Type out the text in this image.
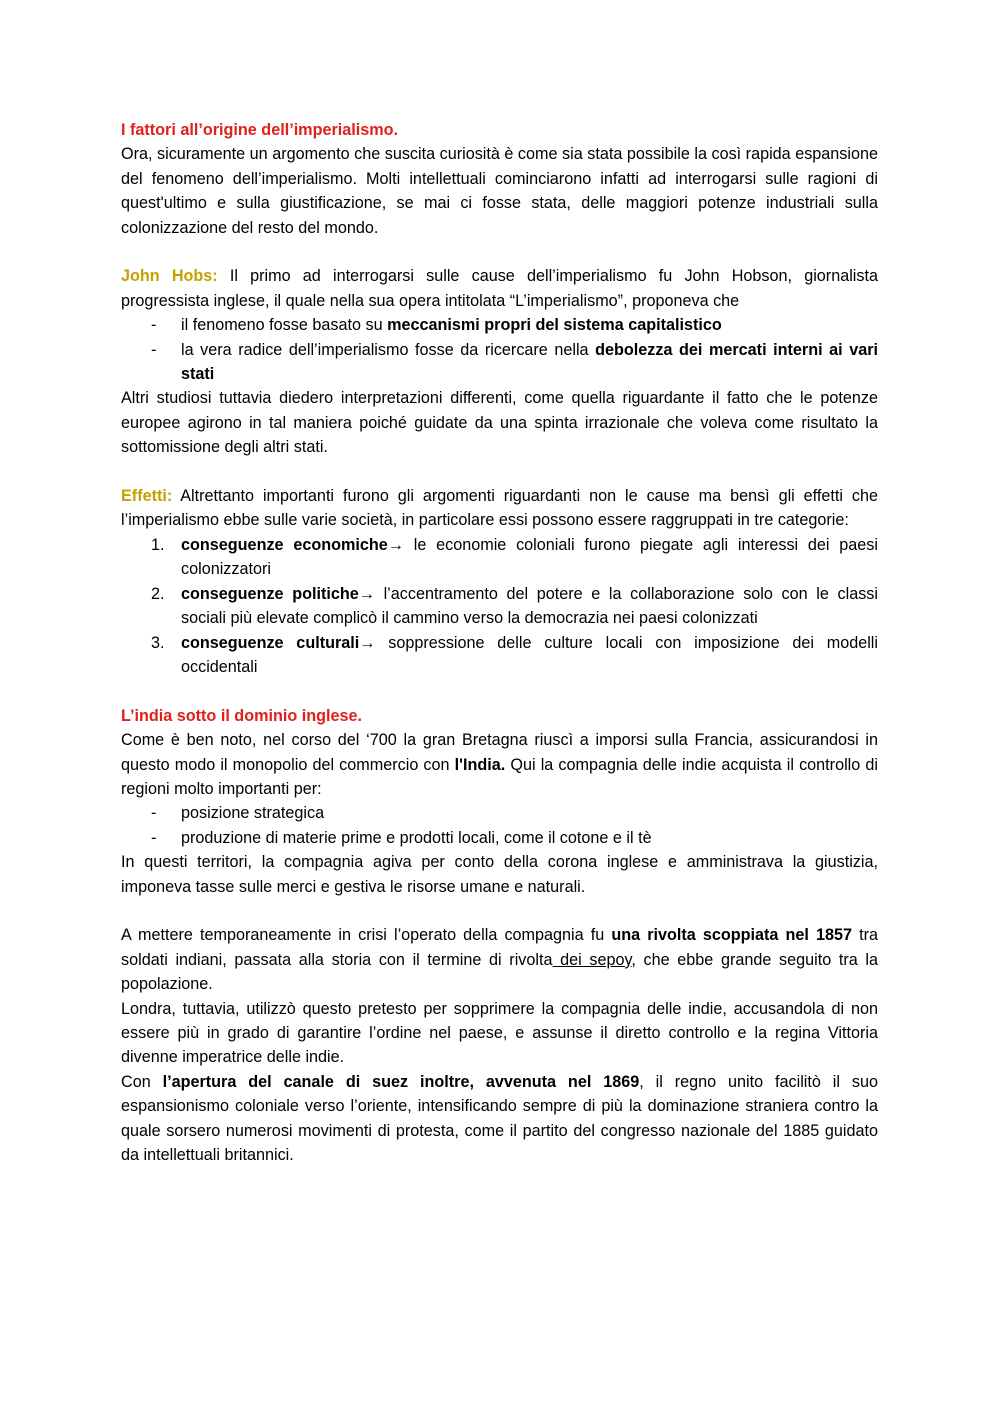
I fattori all’origine dell’imperialismo.

Ora, sicuramente un argomento che suscita curiosità è come sia stata possibile la così rapida espansione del fenomeno dell’imperialismo. Molti intellettuali cominciarono infatti ad interrogarsi sulle ragioni di quest'ultimo e sulla giustificazione, se mai ci fosse stata, delle maggiori potenze industriali sulla colonizzazione del resto del mondo.

John Hobs: Il primo ad interrogarsi sulle cause dell’imperialismo fu John Hobson, giornalista progressista inglese, il quale nella sua opera intitolata “L’imperialismo”, proponeva che

- il fenomeno fosse basato su meccanismi propri del sistema capitalistico
- la vera radice dell’imperialismo fosse da ricercare nella debolezza dei mercati interni ai vari stati

Altri studiosi tuttavia diedero interpretazioni differenti, come quella riguardante il fatto che le potenze europee agirono in tal maniera poiché guidate da una spinta irrazionale che voleva come risultato la sottomissione degli altri stati.

Effetti: Altrettanto importanti furono gli argomenti riguardanti non le cause ma bensì gli effetti che l’imperialismo ebbe sulle varie società, in particolare essi possono essere raggruppati in tre categorie:

1. conseguenze economiche→ le economie coloniali furono piegate agli interessi dei paesi colonizzatori
2. conseguenze politiche→ l’accentramento del potere e la collaborazione solo con le classi sociali più elevate complicò il cammino verso la democrazia nei paesi colonizzati
3. conseguenze culturali→ soppressione delle culture locali con imposizione dei modelli occidentali

L’india sotto il dominio inglese.

Come è ben noto, nel corso del ‘700 la gran Bretagna riuscì a imporsi sulla Francia, assicurandosi in questo modo il monopolio del commercio con l'India. Qui la compagnia delle indie acquista il controllo di regioni molto importanti per:

- posizione strategica
- produzione di materie prime e prodotti locali, come il cotone e il tè

In questi territori, la compagnia agiva per conto della corona inglese e amministrava la giustizia, imponeva tasse sulle merci e gestiva le risorse umane e naturali.

A mettere temporaneamente in crisi l’operato della compagnia fu una rivolta scoppiata nel 1857 tra soldati indiani, passata alla storia con il termine di rivolta dei sepoy, che ebbe grande seguito tra la popolazione.

Londra, tuttavia, utilizzò questo pretesto per sopprimere la compagnia delle indie, accusandola di non essere più in grado di garantire l’ordine nel paese, e assunse il diretto controllo e la regina Vittoria divenne imperatrice delle indie.

Con l’apertura del canale di suez inoltre, avvenuta nel 1869, il regno unito facilitò il suo espansionismo coloniale verso l’oriente, intensificando sempre di più la dominazione straniera contro la quale sorsero numerosi movimenti di protesta, come il partito del congresso nazionale del 1885 guidato da intellettuali britannici.
